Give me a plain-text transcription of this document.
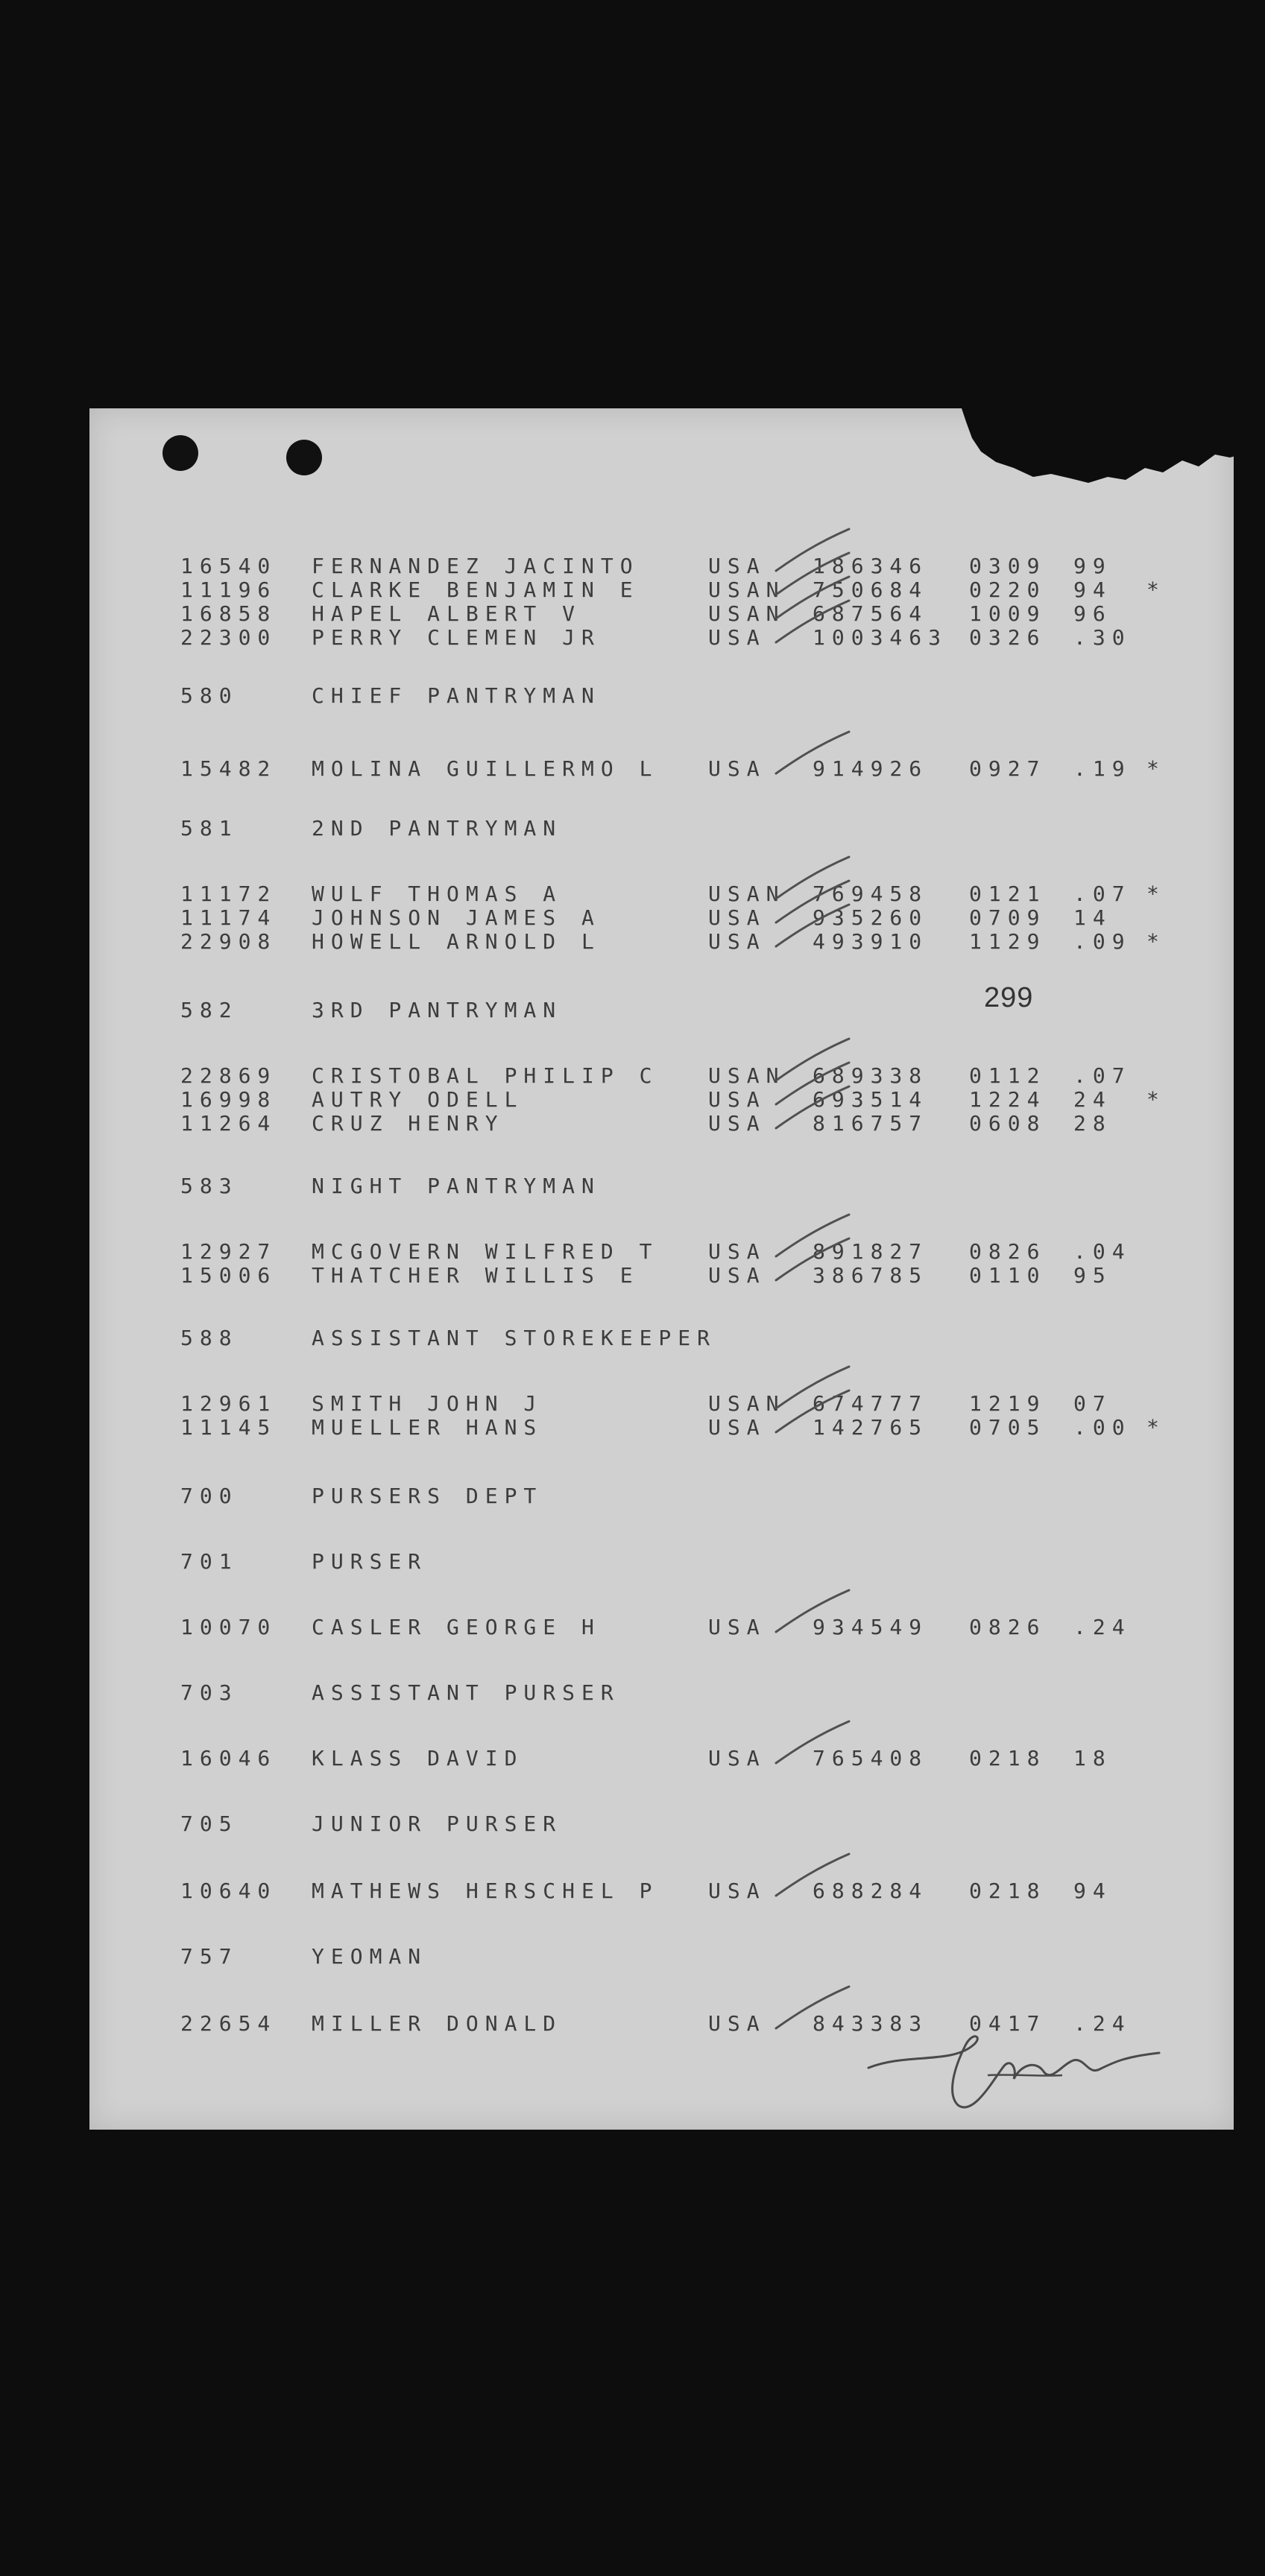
16540 FERNANDEZ JACINTO	USA 186346 0309 99
11196 CLARKE BENJAMIN E	USAN 750684 0220 94 *
16858 HAPEL ALBERT V	USAN 687564 1009 96
22300 PERRY CLEMEN JR	USA 1003463 0326 .30
580	CHIEF PANTRYMAN
15482 MOLINA GUILLERMO L USA 914926 0927 .19 *
581	2ND PANTRYMAN
11172 WULF THOMAS A	USAN 769458 0121 .07 *
11174 JOHNSON JAMES A	USA 935260 0709 14
22908 HOWELL ARNOLD L	USA 493910 1129 .09 *
582	3RD PANTRYMAN
22869 CRISTOBAL PHILIP C USAN 689338 0112 .07
16998 AUTRY ODELL	USA 693514 1224 24 *
11264 CRUZ HENRY	USA 816757 0608 28
583	NIGHT PANTRYMAN
12927 MCGOVERN WILFRED T USA 891827 0826 .04
15006 THATCHER WILLIS E	USA 386785 0110 95
588	ASSISTANT STOREKEEPER
12961 SMITH JOHN J	USAN 674777 1219 07
11145 MUELLER HANS	USA 142765 0705 .00 *
700	PURSERS DEPT
701	PURSER
10070 CASLER GEORGE H	USA 934549 0826 .24
703	ASSISTANT PURSER
16046 KLASS DAVID	USA 765408 0218 18
705	JUNIOR PURSER
10640 MATHEWS HERSCHEL P USA 688284 0218 94
757	YEOMAN
22654 MILLER DONALD	USA 843383 0417 .24
299
